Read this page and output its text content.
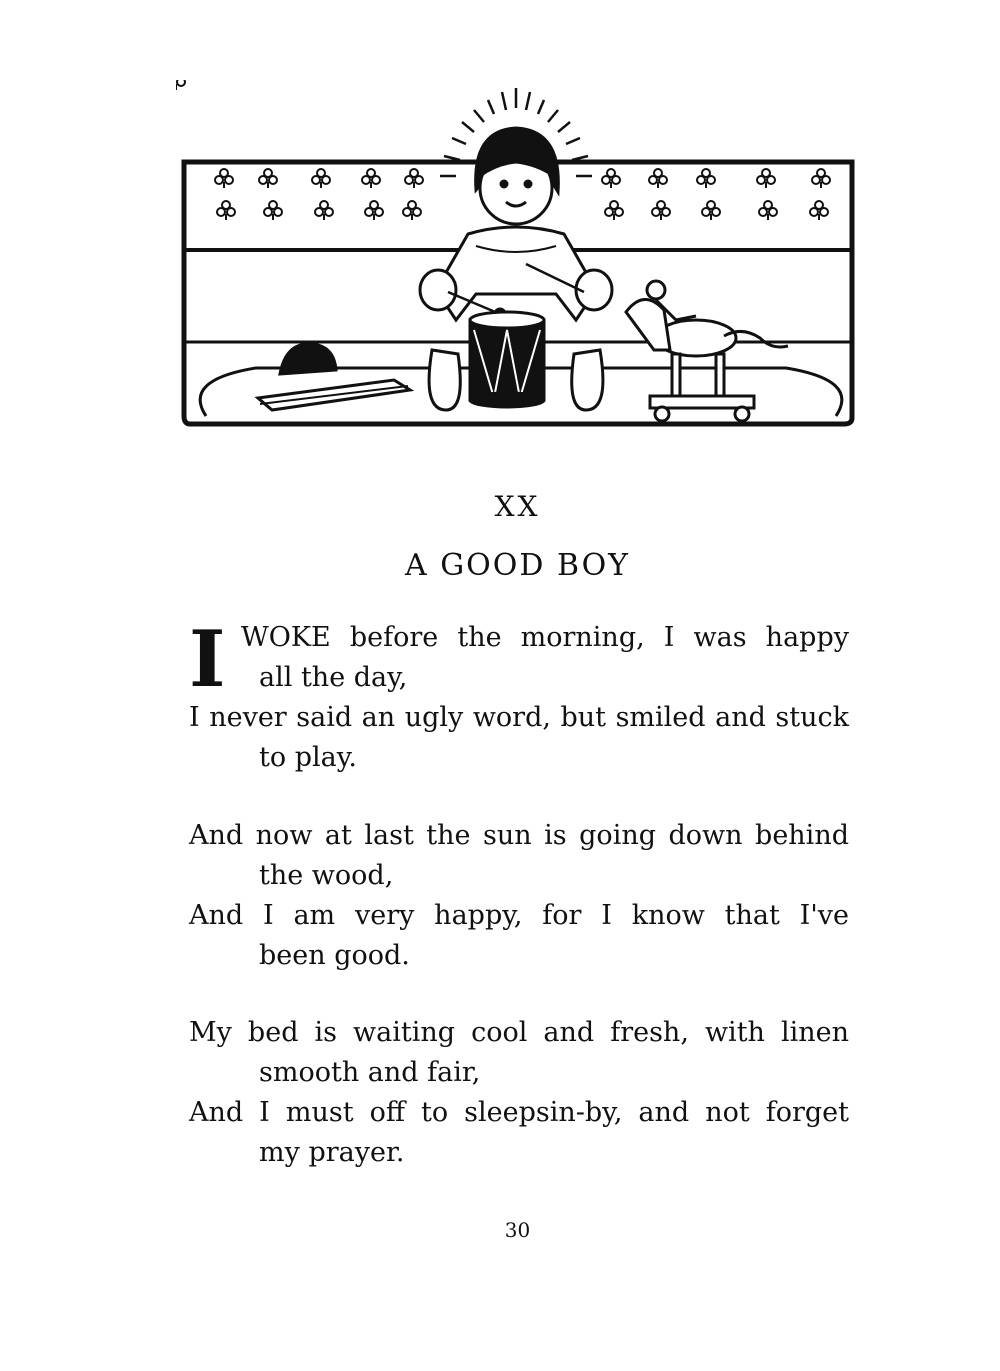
XX
A GOOD BOY
I WOKE before the morning, I was happy
all the day,
I never said an ugly word, but smiled and stuck
to play.
And now at last the sun is going down behind
the wood,
And I am very happy, for I know that I've
been good.
My bed is waiting cool and fresh, with linen
smooth and fair,
And I must off to sleepsin-by, and not forget
my prayer.
30
